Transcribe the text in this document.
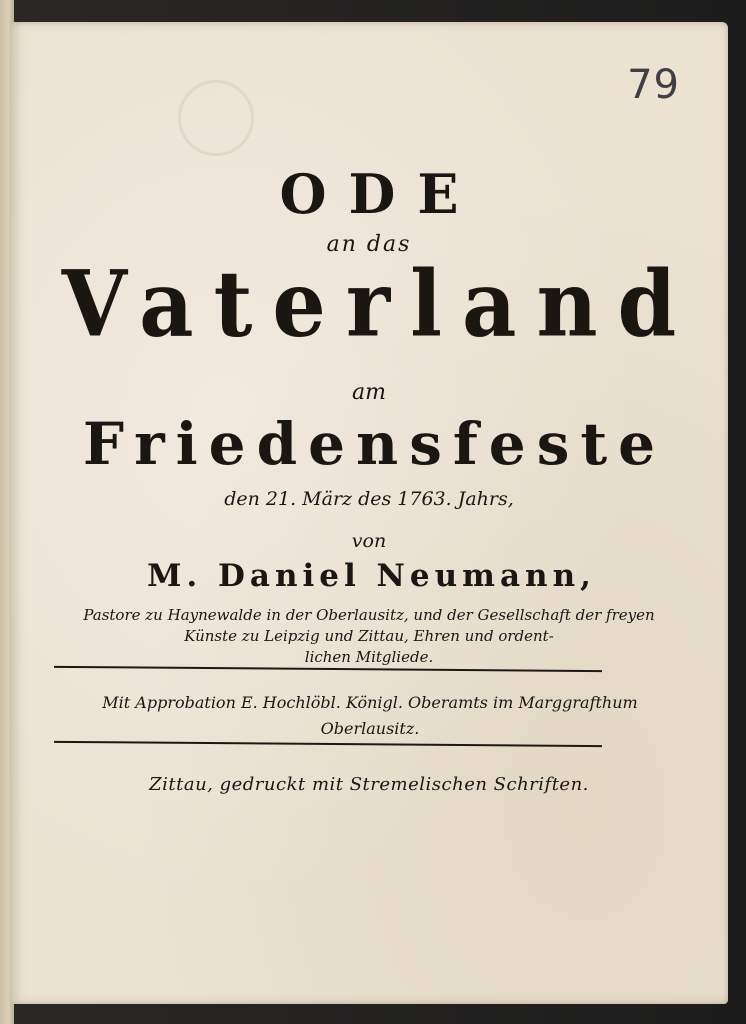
79
ODE
an das
Vaterland
am
Friedensfeste
den 21. März des 1763. Jahrs,
von
M. Daniel Neumann,
Pastore zu Haynewalde in der Oberlausitz, und der Gesellschaft der freyen
Künste zu Leipzig und Zittau, Ehren und ordent-
lichen Mitgliede.
Mit Approbation E. Hochlöbl. Königl. Oberamts im Marggrafthum
Oberlausitz.
Zittau, gedruckt mit Stremelischen Schriften.
